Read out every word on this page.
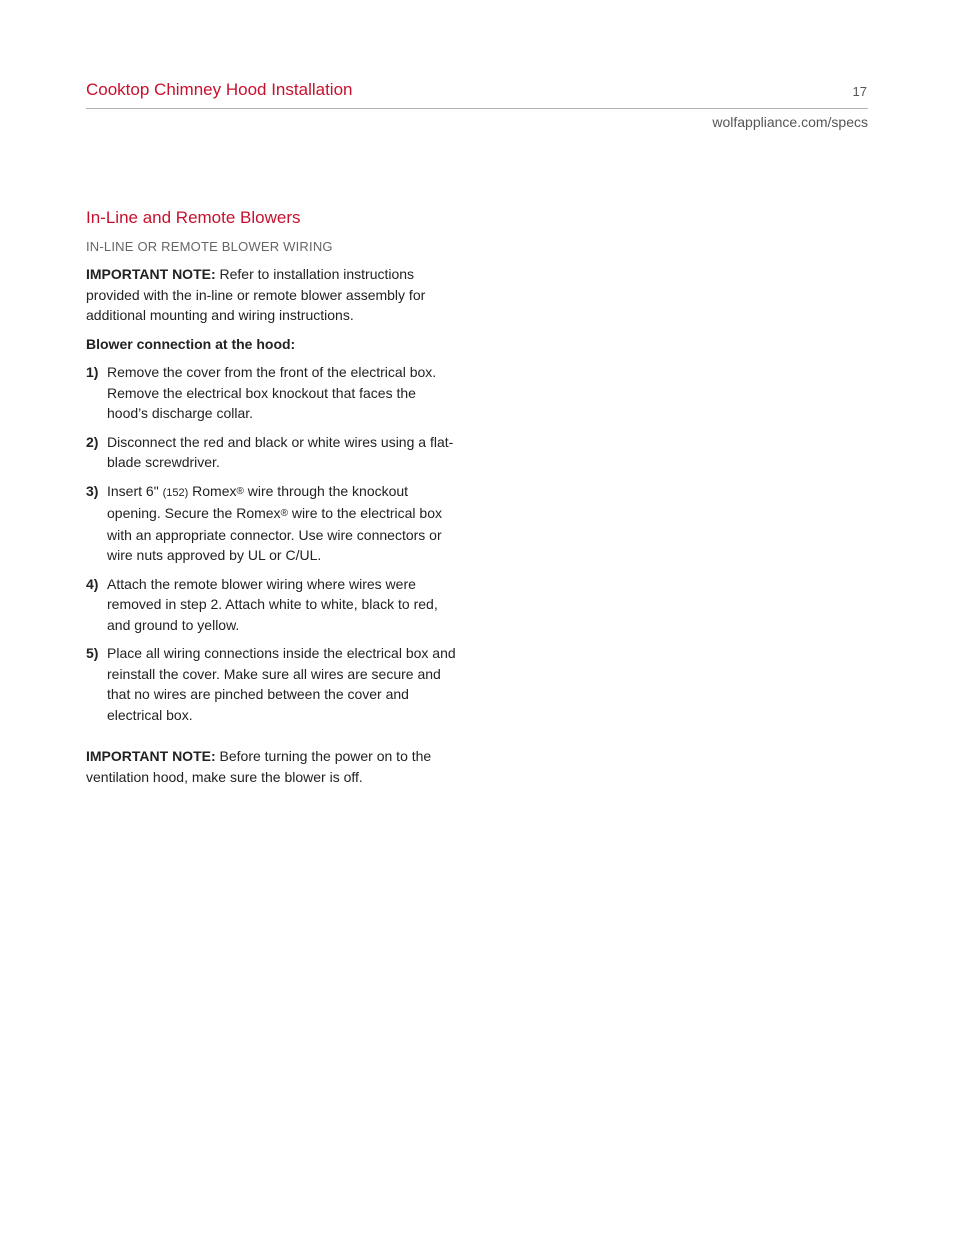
Cooktop Chimney Hood Installation	17
wolfappliance.com/specs
In-Line and Remote Blowers
IN-LINE OR REMOTE BLOWER WIRING

IMPORTANT NOTE: Refer to installation instructions provided with the in-line or remote blower assembly for additional mounting and wiring instructions.

Blower connection at the hood:

1) Remove the cover from the front of the electrical box. Remove the electrical box knockout that faces the hood’s discharge collar.
2) Disconnect the red and black or white wires using a flat-blade screwdriver.
3) Insert 6" (152) Romex® wire through the knockout opening. Secure the Romex® wire to the electrical box with an appropriate connector. Use wire connectors or wire nuts approved by UL or C/UL.
4) Attach the remote blower wiring where wires were removed in step 2. Attach white to white, black to red, and ground to yellow.
5) Place all wiring connections inside the electrical box and reinstall the cover. Make sure all wires are secure and that no wires are pinched between the cover and electrical box.

IMPORTANT NOTE: Before turning the power on to the ventilation hood, make sure the blower is off.
